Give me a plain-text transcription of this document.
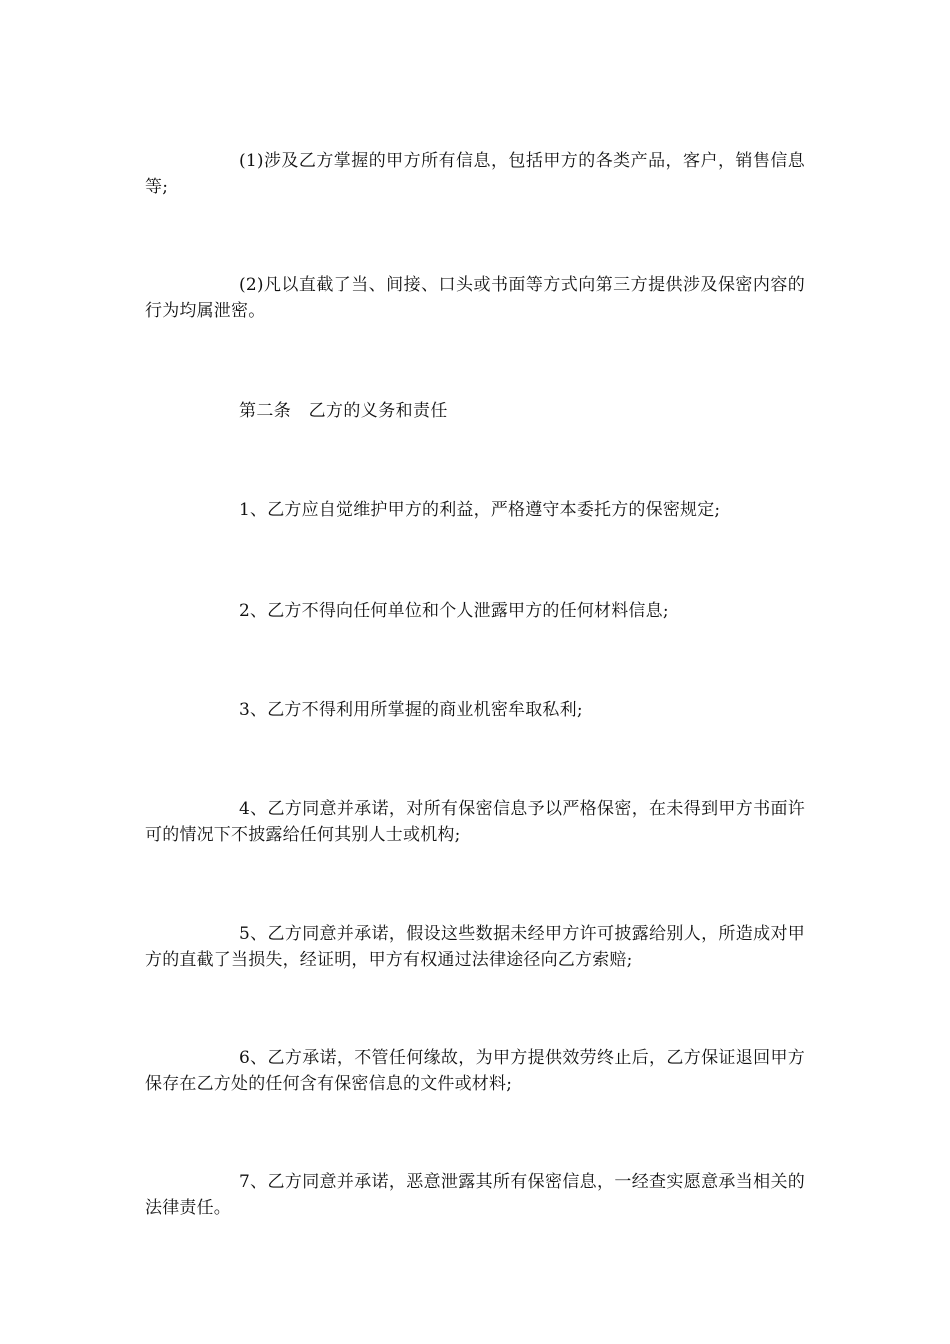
(1)涉及乙方掌握的甲方所有信息，包括甲方的各类产品，客户，销售信息等;

(2)凡以直截了当、间接、口头或书面等方式向第三方提供涉及保密内容的行为均属泄密。

第二条　乙方的义务和责任

1、乙方应自觉维护甲方的利益，严格遵守本委托方的保密规定;

2、乙方不得向任何单位和个人泄露甲方的任何材料信息;

3、乙方不得利用所掌握的商业机密牟取私利;

4、乙方同意并承诺，对所有保密信息予以严格保密，在未得到甲方书面许可的情况下不披露给任何其别人士或机构;

5、乙方同意并承诺，假设这些数据未经甲方许可披露给别人，所造成对甲方的直截了当损失，经证明，甲方有权通过法律途径向乙方索赔;

6、乙方承诺，不管任何缘故，为甲方提供效劳终止后，乙方保证退回甲方保存在乙方处的任何含有保密信息的文件或材料;

7、乙方同意并承诺，恶意泄露其所有保密信息，一经查实愿意承当相关的法律责任。
